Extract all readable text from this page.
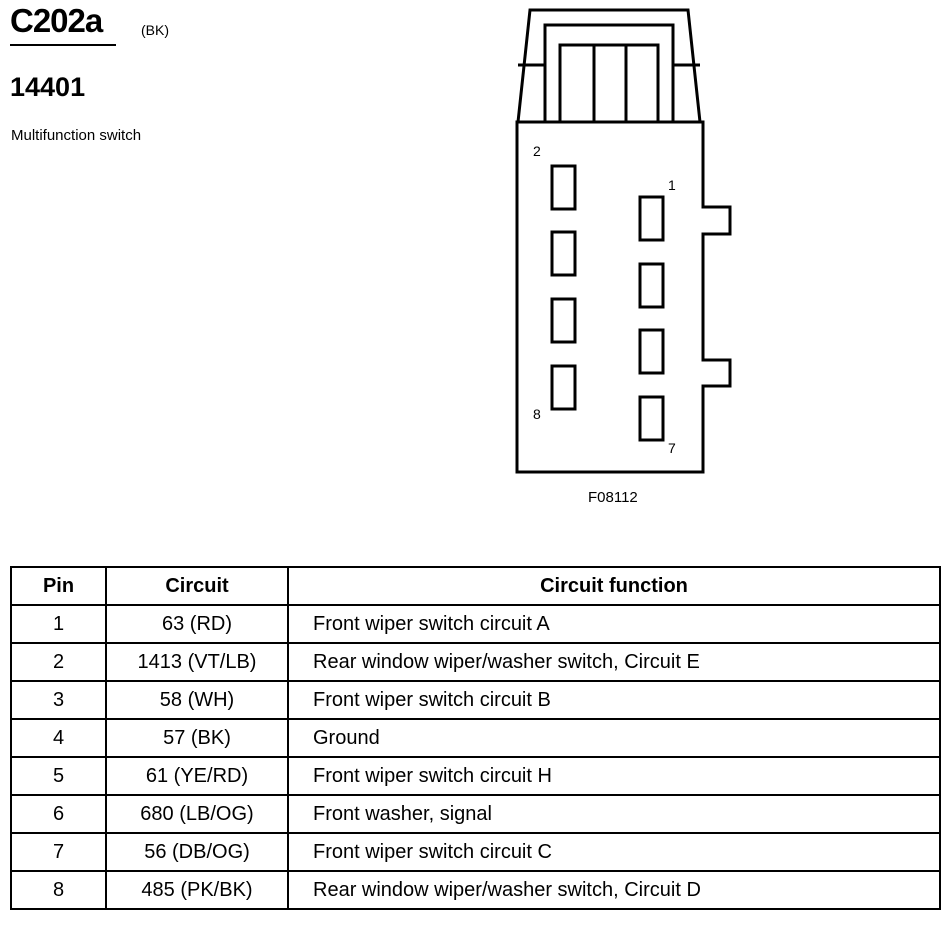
C202a	(BK)
14401
Multifunction switch
2
1
8
7
F08112
Pin	Circuit	Circuit function
1	63 (RD)	Front wiper switch circuit A
2	1413 (VT/LB)	Rear window wiper/washer switch, Circuit E
3	58 (WH)	Front wiper switch circuit B
4	57 (BK)	Ground
5	61 (YE/RD)	Front wiper switch circuit H
6	680 (LB/OG)	Front washer, signal
7	56 (DB/OG)	Front wiper switch circuit C
8	485 (PK/BK)	Rear window wiper/washer switch, Circuit D
